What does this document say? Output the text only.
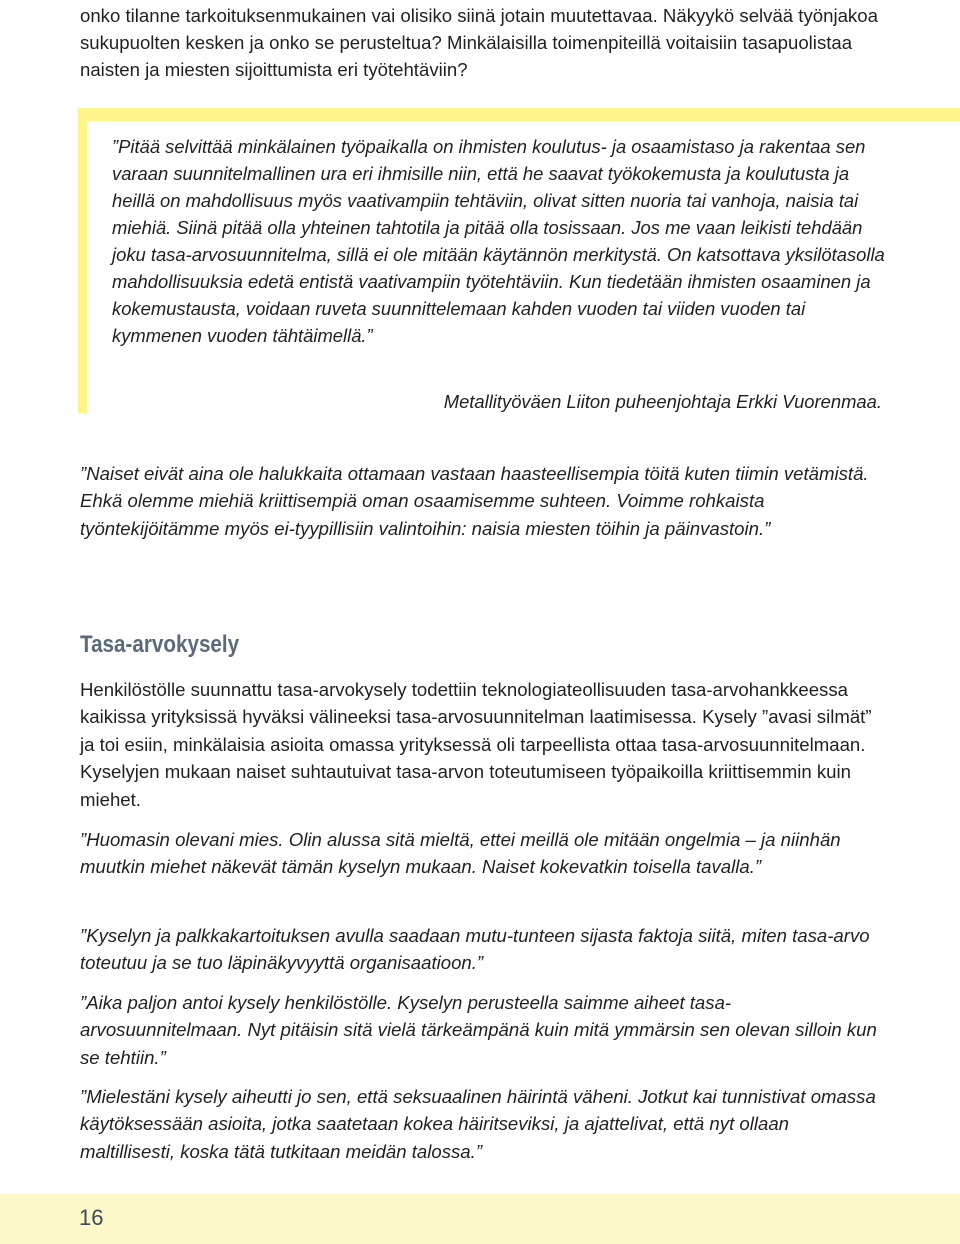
onko tilanne tarkoituksenmukainen vai olisiko siinä jotain muutettavaa. Näkyykö selvää työnjakoa sukupuolten kesken ja onko se perusteltua? Minkälaisilla toimenpiteillä voitaisiin tasapuolistaa naisten ja miesten sijoittumista eri työtehtäviin?

”Pitää selvittää minkälainen työpaikalla on ihmisten koulutus- ja osaamistaso ja rakentaa sen varaan suunnitelmallinen ura eri ihmisille niin, että he saavat työkokemusta ja koulutusta ja heillä on mahdollisuus myös vaativampiin tehtäviin, olivat sitten nuoria tai vanhoja, naisia tai miehiä. Siinä pitää olla yhteinen tahtotila ja pitää olla tosissaan. Jos me vaan leikisti tehdään joku tasa-arvosuunnitelma, sillä ei ole mitään käytännön merkitystä. On katsottava yksilötasolla mahdollisuuksia edetä entistä vaativampiin työtehtäviin. Kun tiedetään ihmisten osaaminen ja kokemustausta, voidaan ruveta suunnittelemaan kahden vuoden tai viiden vuoden tai kymmenen vuoden tähtäimellä.”

Metallityöväen Liiton puheenjohtaja Erkki Vuorenmaa.

”Naiset eivät aina ole halukkaita ottamaan vastaan haasteellisempia töitä kuten tiimin vetämistä. Ehkä olemme miehiä kriittisempiä oman osaamisemme suhteen. Voimme rohkaista työntekijöitämme myös ei-tyypillisiin valintoihin: naisia miesten töihin ja päinvastoin.”

Tasa-arvokysely

Henkilöstölle suunnattu tasa-arvokysely todettiin teknologiateollisuuden tasa-arvohankkeessa kaikissa yrityksissä hyväksi välineeksi tasa-arvosuunnitelman laatimisessa. Kysely ”avasi silmät” ja toi esiin, minkälaisia asioita omassa yrityksessä oli tarpeellista ottaa tasa-arvosuunnitelmaan. Kyselyjen mukaan naiset suhtautuivat tasa-arvon toteutumiseen työpaikoilla kriittisemmin kuin miehet.

”Huomasin olevani mies. Olin alussa sitä mieltä, ettei meillä ole mitään ongelmia – ja niinhän muutkin miehet näkevät tämän kyselyn mukaan. Naiset kokevatkin toisella tavalla.”

”Kyselyn ja palkkakartoituksen avulla saadaan mutu-tunteen sijasta faktoja siitä, miten tasa-arvo toteutuu ja se tuo läpinäkyvyyttä organisaatioon.”

”Aika paljon antoi kysely henkilöstölle. Kyselyn perusteella saimme aiheet tasa-arvosuunnitelmaan. Nyt pitäisin sitä vielä tärkeämpänä kuin mitä ymmärsin sen olevan silloin kun se tehtiin.”

”Mielestäni kysely aiheutti jo sen, että seksuaalinen häirintä väheni. Jotkut kai tunnistivat omassa käytöksessään asioita, jotka saatetaan kokea häiritseviksi, ja ajattelivat, että nyt ollaan maltillisesti, koska tätä tutkitaan meidän talossa.”

16
